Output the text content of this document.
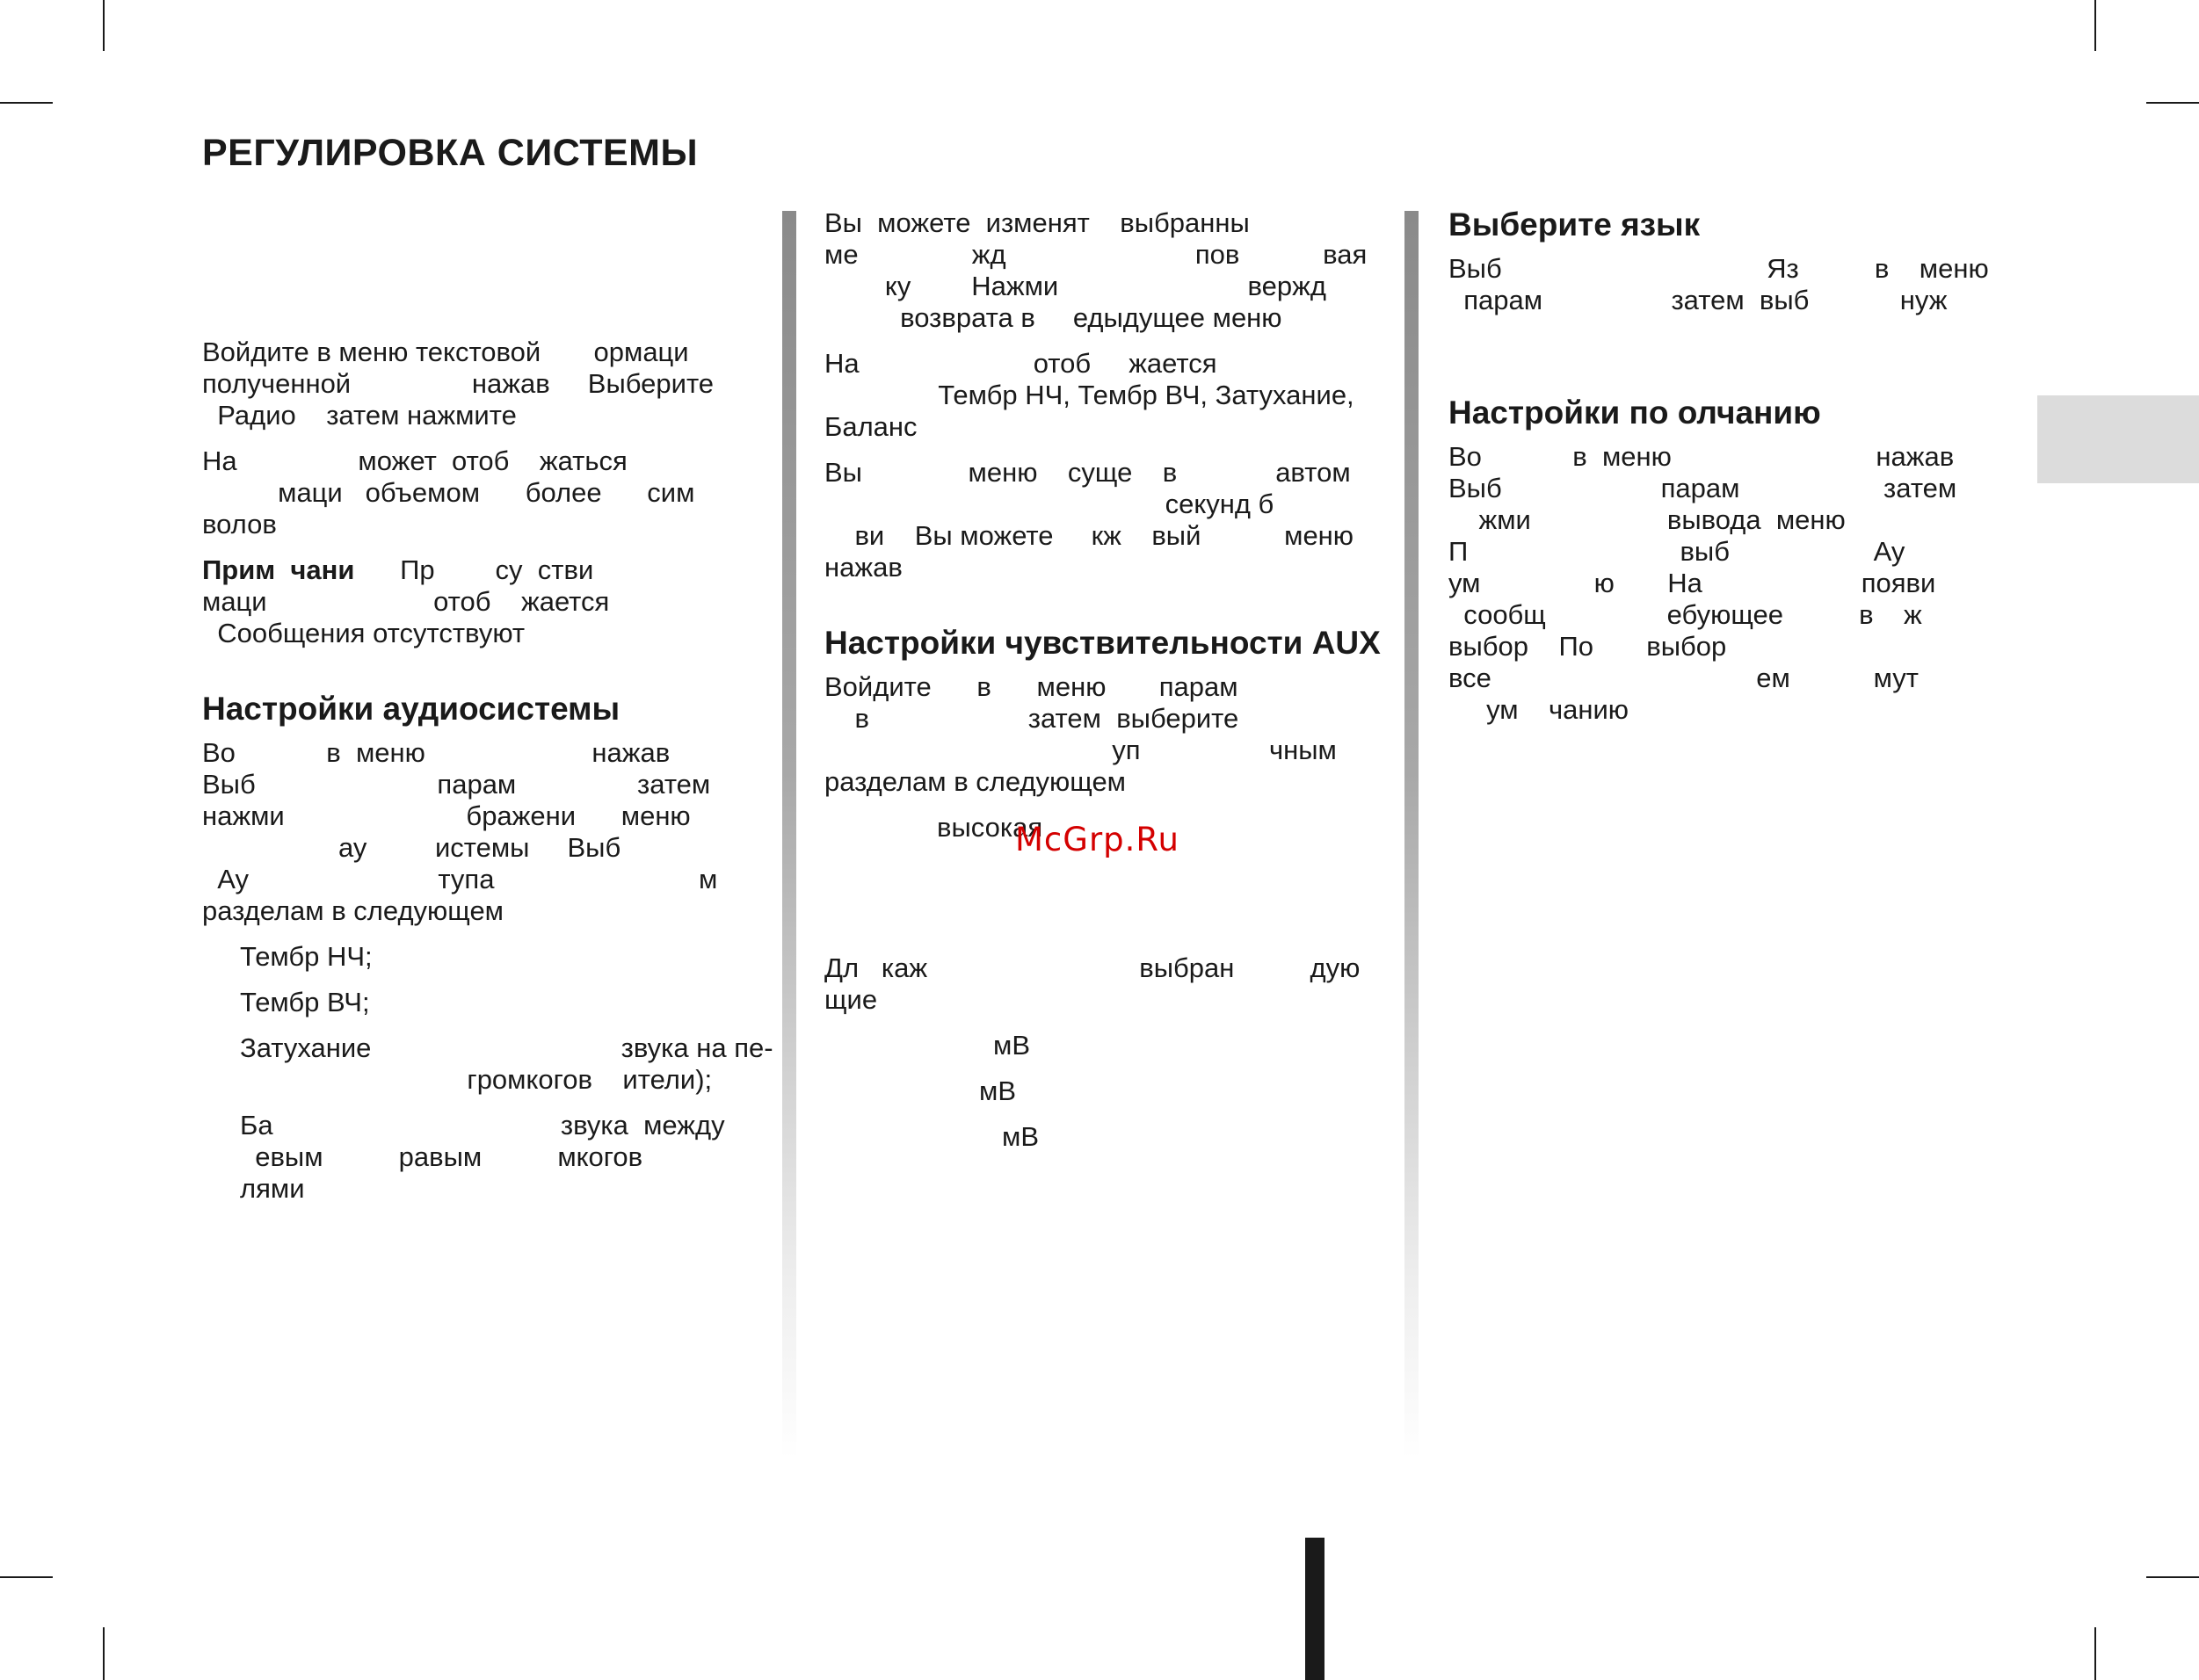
РЕГУЛИРОВКА СИСТЕМЫ
Войдите в меню текстовой       ормаци
полученной                нажав     Выберите
Радио    затем нажмите
На                может  отоб    жаться
маци   объемом      более      сим
волов
Прим  чани      Пр        су  стви
маци                      отоб    жается
Сообщения отсутствуют
Настройки аудиосистемы
Во            в  меню                      нажав
Выб                        парам                затем
нажми                        бражени      меню
ау         истемы     Выб
Ау                         тупа                           м
разделам в следующем
Тембр НЧ;
Тембр ВЧ;
Затухание                                 звука на пе-
громкогов    ители);
Ба                                      звука  между
евым          равым          мкогов
лями
Вы  можете  изменят    выбранны
ме               жд                         пов           вая
ку        Нажми                         вержд
возврата в     едыдущее меню
На                       отоб     жается
Тембр НЧ, Тембр ВЧ, Затухание,
Баланс
Вы              меню    суще    в             автом
секунд б
ви    Вы можете     кж    вый           меню
нажав
Настройки чувствительности AUX
Войдите      в      меню       парам
в                     затем  выберите
уп                 чным
разделам в следующем
высокая
Дл   каж                            выбран          дую
щие
мВ
мВ
мВ
McGrp.Ru
Выберите язык
Выб                                   Яз          в    меню
парам                 затем  выб            нуж
Настройки по олчанию
Во            в  меню                           нажав
Выб                     парам                   затем
жми                  вывода  меню
П                            выб                   Ау
ум               ю       На                     появи
сообщ                ебующее          в    ж
выбор    По       выбор
все                                   ем           мут
ум    чанию
